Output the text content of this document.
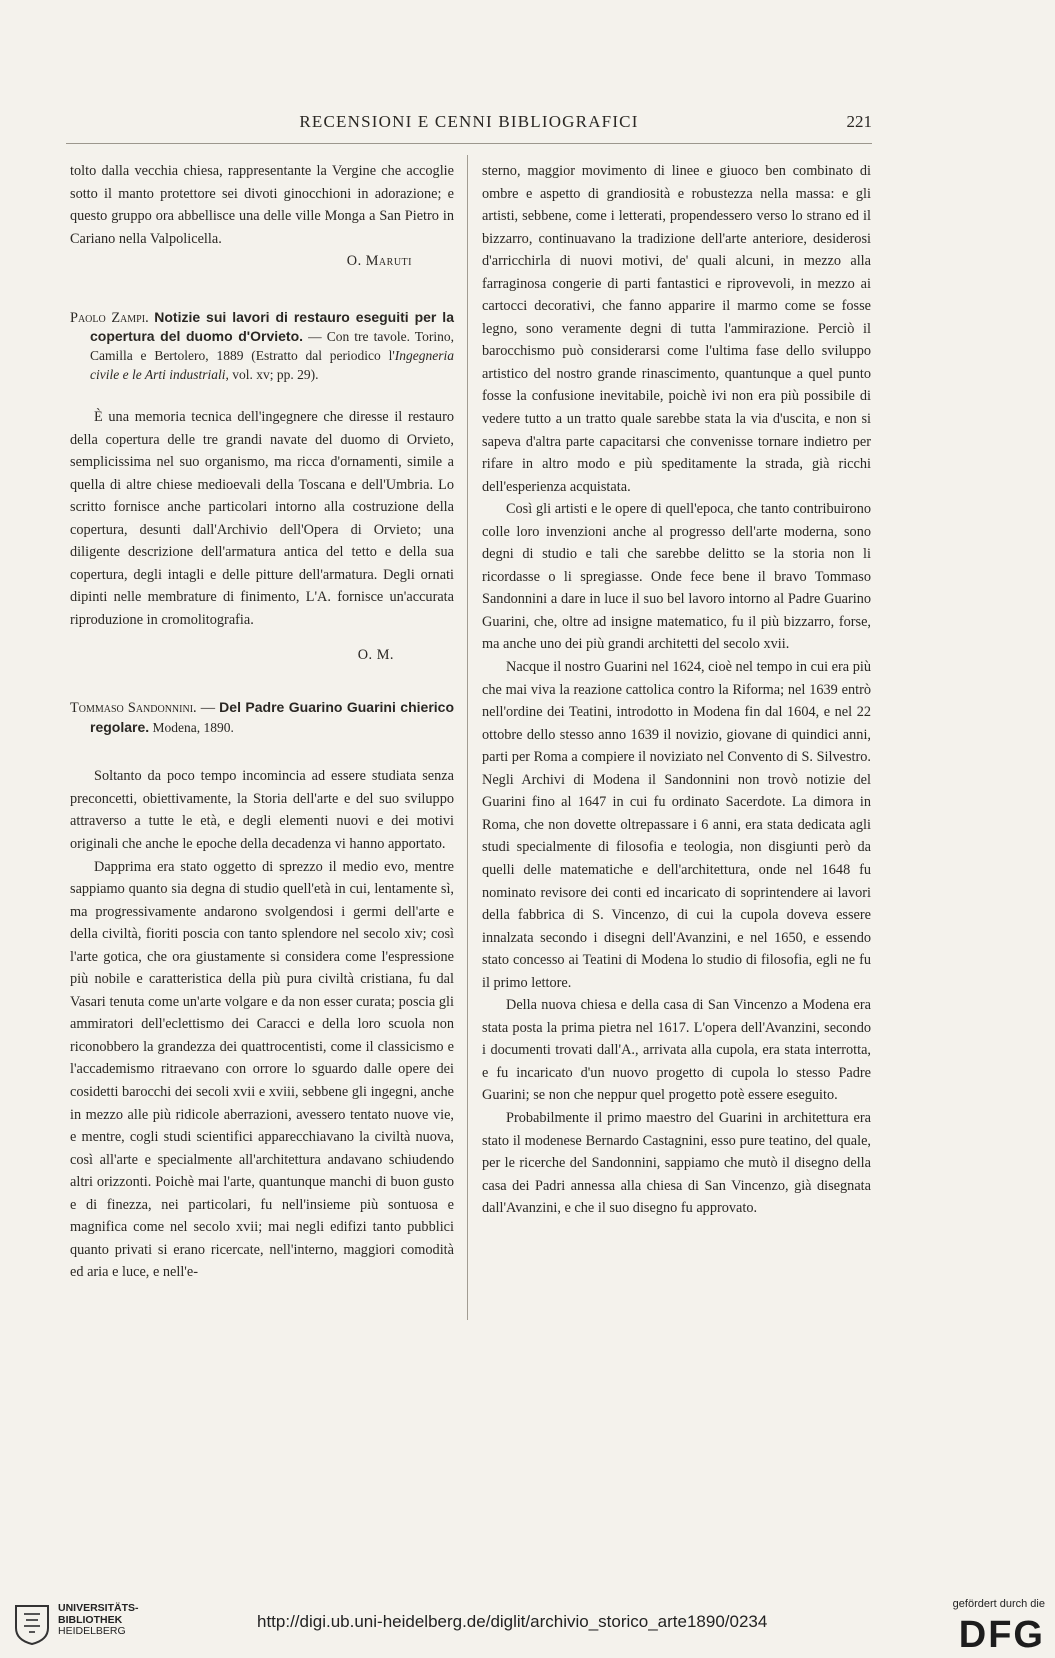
RECENSIONI E CENNI BIBLIOGRAFICI	221

tolto dalla vecchia chiesa, rappresentante la Vergine che accoglie sotto il manto protettore sei divoti ginocchioni in adorazione; e questo gruppo ora abbellisce una delle ville Monga a San Pietro in Cariano nella Valpolicella.

O. Maruti

Paolo Zampi. Notizie sui lavori di restauro eseguiti per la copertura del duomo d'Orvieto. — Con tre tavole. Torino, Camilla e Bertolero, 1889 (Estratto dal periodico l'Ingegneria civile e le Arti industriali, vol. xv; pp. 29).

È una memoria tecnica dell'ingegnere che diresse il restauro della copertura delle tre grandi navate del duomo di Orvieto, semplicissima nel suo organismo, ma ricca d'ornamenti, simile a quella di altre chiese medioevali della Toscana e dell'Umbria. Lo scritto fornisce anche particolari intorno alla costruzione della copertura, desunti dall'Archivio dell'Opera di Orvieto; una diligente descrizione dell'armatura antica del tetto e della sua copertura, degli intagli e delle pitture dell'armatura. Degli ornati dipinti nelle membrature di finimento, L'A. fornisce un'accurata riproduzione in cromolitografia.

O. M.

Tommaso Sandonnini. — Del Padre Guarino Guarini chierico regolare. Modena, 1890.

Soltanto da poco tempo incomincia ad essere studiata senza preconcetti, obiettivamente, la Storia dell'arte e del suo sviluppo attraverso a tutte le età, e degli elementi nuovi e dei motivi originali che anche le epoche della decadenza vi hanno apportato.

Dapprima era stato oggetto di sprezzo il medio evo, mentre sappiamo quanto sia degna di studio quell'età in cui, lentamente sì, ma progressivamente andarono svolgendosi i germi dell'arte e della civiltà, fioriti poscia con tanto splendore nel secolo xiv; così l'arte gotica, che ora giustamente si considera come l'espressione più nobile e caratteristica della più pura civiltà cristiana, fu dal Vasari tenuta come un'arte volgare e da non esser curata; poscia gli ammiratori dell'eclettismo dei Caracci e della loro scuola non riconobbero la grandezza dei quattrocentisti, come il classicismo e l'accademismo ritraevano con orrore lo sguardo dalle opere dei cosidetti barocchi dei secoli xvii e xviii, sebbene gli ingegni, anche in mezzo alle più ridicole aberrazioni, avessero tentato nuove vie, e mentre, cogli studi scientifici apparecchiavano la civiltà nuova, così all'arte e specialmente all'architettura andavano schiudendo altri orizzonti. Poichè mai l'arte, quantunque manchi di buon gusto e di finezza, nei particolari, fu nell'insieme più sontuosa e magnifica come nel secolo xvii; mai negli edifizi tanto pubblici quanto privati si erano ricercate, nell'interno, maggiori comodità ed aria e luce, e nell'e-

sterno, maggior movimento di linee e giuoco ben combinato di ombre e aspetto di grandiosità e robustezza nella massa: e gli artisti, sebbene, come i letterati, propendessero verso lo strano ed il bizzarro, continuavano la tradizione dell'arte anteriore, desiderosi d'arricchirla di nuovi motivi, de' quali alcuni, in mezzo alla farraginosa congerie di parti fantastici e riprovevoli, in mezzo ai cartocci decorativi, che fanno apparire il marmo come se fosse legno, sono veramente degni di tutta l'ammirazione. Perciò il barocchismo può considerarsi come l'ultima fase dello sviluppo artistico del nostro grande rinascimento, quantunque a quel punto fosse la confusione inevitabile, poichè ivi non era più possibile di vedere tutto a un tratto quale sarebbe stata la via d'uscita, e non si sapeva d'altra parte capacitarsi che convenisse tornare indietro per rifare in altro modo e più speditamente la strada, già ricchi dell'esperienza acquistata.

Così gli artisti e le opere di quell'epoca, che tanto contribuirono colle loro invenzioni anche al progresso dell'arte moderna, sono degni di studio e tali che sarebbe delitto se la storia non li ricordasse o li spregiasse. Onde fece bene il bravo Tommaso Sandonnini a dare in luce il suo bel lavoro intorno al Padre Guarino Guarini, che, oltre ad insigne matematico, fu il più bizzarro, forse, ma anche uno dei più grandi architetti del secolo xvii.

Nacque il nostro Guarini nel 1624, cioè nel tempo in cui era più che mai viva la reazione cattolica contro la Riforma; nel 1639 entrò nell'ordine dei Teatini, introdotto in Modena fin dal 1604, e nel 22 ottobre dello stesso anno 1639 il novizio, giovane di quindici anni, parti per Roma a compiere il noviziato nel Convento di S. Silvestro. Negli Archivi di Modena il Sandonnini non trovò notizie del Guarini fino al 1647 in cui fu ordinato Sacerdote. La dimora in Roma, che non dovette oltrepassare i 6 anni, era stata dedicata agli studi specialmente di filosofia e teologia, non disgiunti però da quelli delle matematiche e dell'architettura, onde nel 1648 fu nominato revisore dei conti ed incaricato di soprintendere ai lavori della fabbrica di S. Vincenzo, di cui la cupola doveva essere innalzata secondo i disegni dell'Avanzini, e nel 1650, e essendo stato concesso ai Teatini di Modena lo studio di filosofia, egli ne fu il primo lettore.

Della nuova chiesa e della casa di San Vincenzo a Modena era stata posta la prima pietra nel 1617. L'opera dell'Avanzini, secondo i documenti trovati dall'A., arrivata alla cupola, era stata interrotta, e fu incaricato d'un nuovo progetto di cupola lo stesso Padre Guarini; se non che neppur quel progetto potè essere eseguito.

Probabilmente il primo maestro del Guarini in architettura era stato il modenese Bernardo Castagnini, esso pure teatino, del quale, per le ricerche del Sandonnini, sappiamo che mutò il disegno della casa dei Padri annessa alla chiesa di San Vincenzo, già disegnata dall'Avanzini, e che il suo disegno fu approvato.

UNIVERSITÄTS-
BIBLIOTHEK
HEIDELBERG	http://digi.ub.uni-heidelberg.de/diglit/archivio_storico_arte1890/0234
gefördert durch die
DFG
